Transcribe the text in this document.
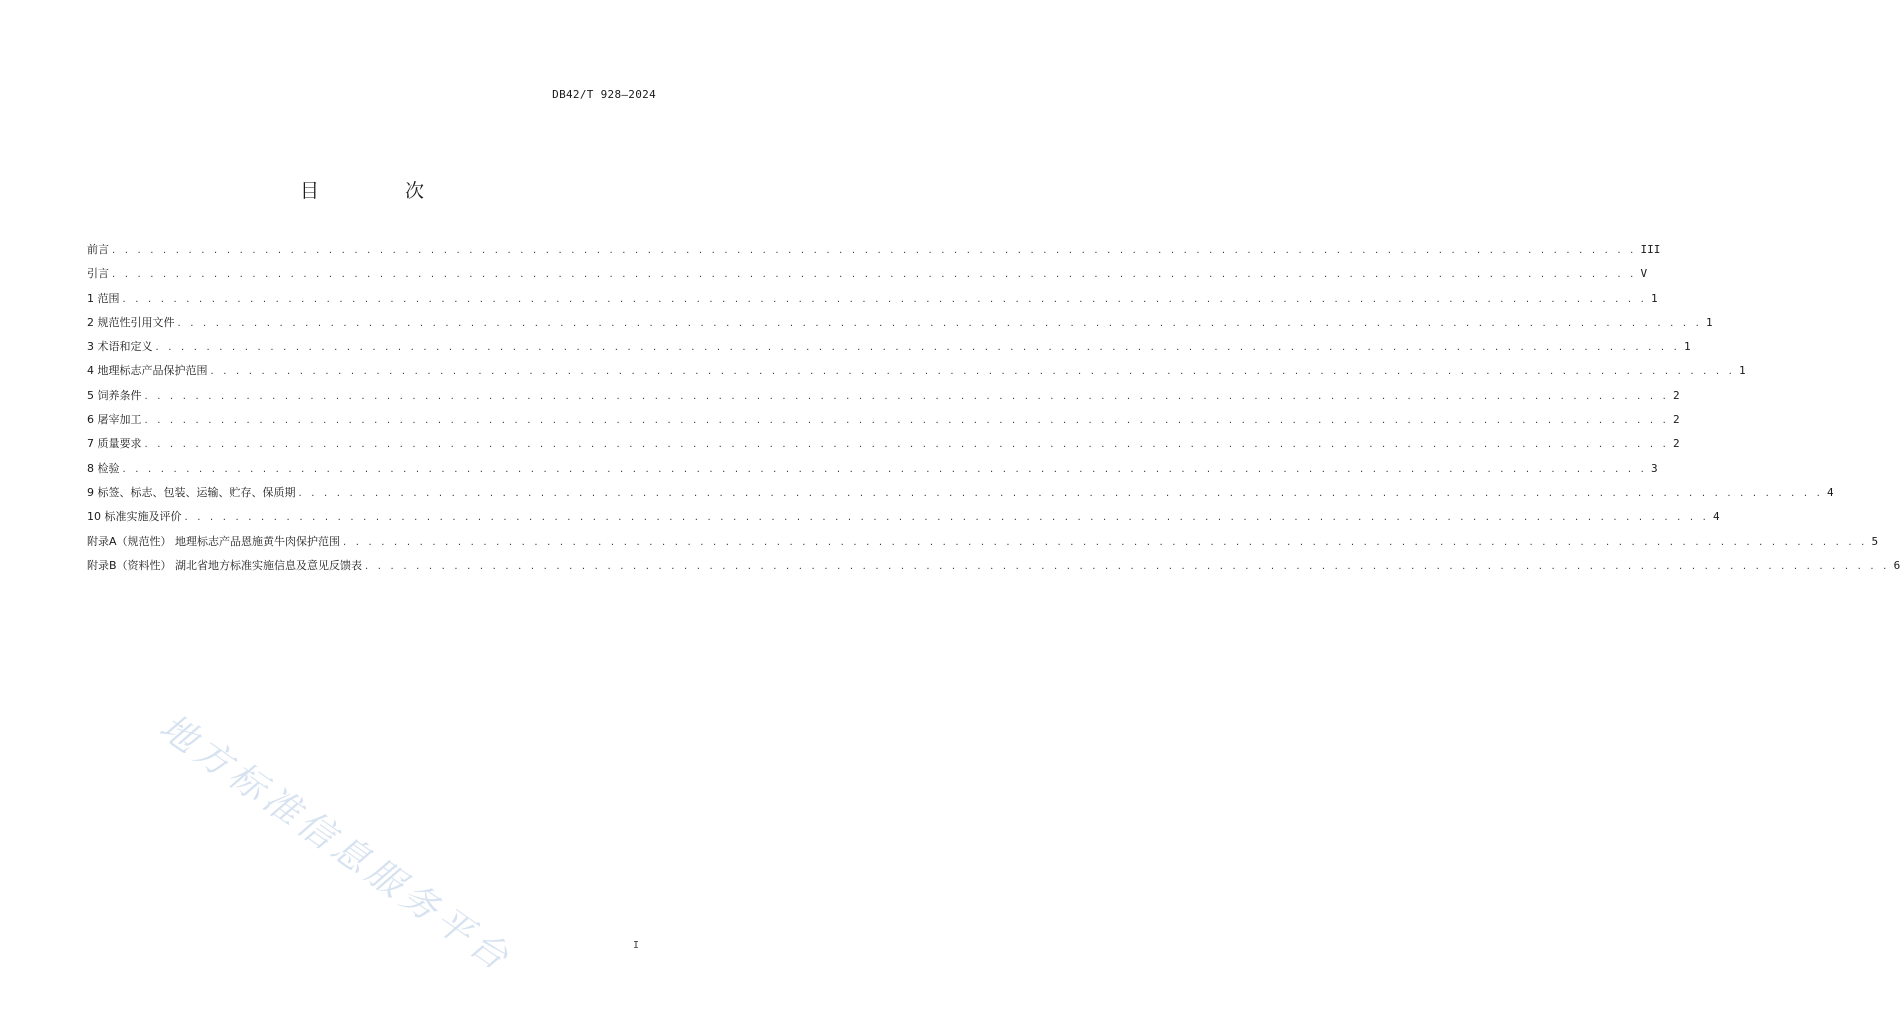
DB42/T 928—2024
目 次
前言 . . . . . . . . . . . . . . . . . . . . . . . . . . . . . . . . . . . . . . . . . . . . . . . . . . . . . . . . . . . . . . . . . . . . . . . . . . . . . . . . . . . . . . . . . . . . . . . . . . . . . . . . . . . . . . . . . . . . . . . . III
引言 . . . . . . . . . . . . . . . . . . . . . . . . . . . . . . . . . . . . . . . . . . . . . . . . . . . . . . . . . . . . . . . . . . . . . . . . . . . . . . . . . . . . . . . . . . . . . . . . . . . . . . . . . . . . . . . . . . . . . . . . V
1 范围 . . . . . . . . . . . . . . . . . . . . . . . . . . . . . . . . . . . . . . . . . . . . . . . . . . . . . . . . . . . . . . . . . . . . . . . . . . . . . . . . . . . . . . . . . . . . . . . . . . . . . . . . . . . . . . . . . . . . . . . . 1
2 规范性引用文件 . . . . . . . . . . . . . . . . . . . . . . . . . . . . . . . . . . . . . . . . . . . . . . . . . . . . . . . . . . . . . . . . . . . . . . . . . . . . . . . . . . . . . . . . . . . . . . . . . . . . . . . . . . . . . . . . . . . . . . . . 1
3 术语和定义 . . . . . . . . . . . . . . . . . . . . . . . . . . . . . . . . . . . . . . . . . . . . . . . . . . . . . . . . . . . . . . . . . . . . . . . . . . . . . . . . . . . . . . . . . . . . . . . . . . . . . . . . . . . . . . . . . . . . . . . . 1
4 地理标志产品保护范围 . . . . . . . . . . . . . . . . . . . . . . . . . . . . . . . . . . . . . . . . . . . . . . . . . . . . . . . . . . . . . . . . . . . . . . . . . . . . . . . . . . . . . . . . . . . . . . . . . . . . . . . . . . . . . . . . . . . . . . . . 1
5 饲养条件 . . . . . . . . . . . . . . . . . . . . . . . . . . . . . . . . . . . . . . . . . . . . . . . . . . . . . . . . . . . . . . . . . . . . . . . . . . . . . . . . . . . . . . . . . . . . . . . . . . . . . . . . . . . . . . . . . . . . . . . . 2
6 屠宰加工 . . . . . . . . . . . . . . . . . . . . . . . . . . . . . . . . . . . . . . . . . . . . . . . . . . . . . . . . . . . . . . . . . . . . . . . . . . . . . . . . . . . . . . . . . . . . . . . . . . . . . . . . . . . . . . . . . . . . . . . . 2
7 质量要求 . . . . . . . . . . . . . . . . . . . . . . . . . . . . . . . . . . . . . . . . . . . . . . . . . . . . . . . . . . . . . . . . . . . . . . . . . . . . . . . . . . . . . . . . . . . . . . . . . . . . . . . . . . . . . . . . . . . . . . . . 2
8 检验 . . . . . . . . . . . . . . . . . . . . . . . . . . . . . . . . . . . . . . . . . . . . . . . . . . . . . . . . . . . . . . . . . . . . . . . . . . . . . . . . . . . . . . . . . . . . . . . . . . . . . . . . . . . . . . . . . . . . . . . . 3
9 标签、标志、包装、运输、贮存、保质期 . . . . . . . . . . . . . . . . . . . . . . . . . . . . . . . . . . . . . . . . . . . . . . . . . . . . . . . . . . . . . . . . . . . . . . . . . . . . . . . . . . . . . . . . . . . . . . . . . . . . . . . . . . . . . . . . . . . . . . . . 4
10 标准实施及评价 . . . . . . . . . . . . . . . . . . . . . . . . . . . . . . . . . . . . . . . . . . . . . . . . . . . . . . . . . . . . . . . . . . . . . . . . . . . . . . . . . . . . . . . . . . . . . . . . . . . . . . . . . . . . . . . . . . . . . . . . 4
附录A（规范性） 地理标志产品恩施黄牛肉保护范围 . . . . . . . . . . . . . . . . . . . . . . . . . . . . . . . . . . . . . . . . . . . . . . . . . . . . . . . . . . . . . . . . . . . . . . . . . . . . . . . . . . . . . . . . . . . . . . . . . . . . . . . . . . . . . . . . . . . . . . . . 5
附录B（资料性） 湖北省地方标准实施信息及意见反馈表 . . . . . . . . . . . . . . . . . . . . . . . . . . . . . . . . . . . . . . . . . . . . . . . . . . . . . . . . . . . . . . . . . . . . . . . . . . . . . . . . . . . . . . . . . . . . . . . . . . . . . . . . . . . . . . . . . . . . . . . . 6
地方标准信息服务平台	I
